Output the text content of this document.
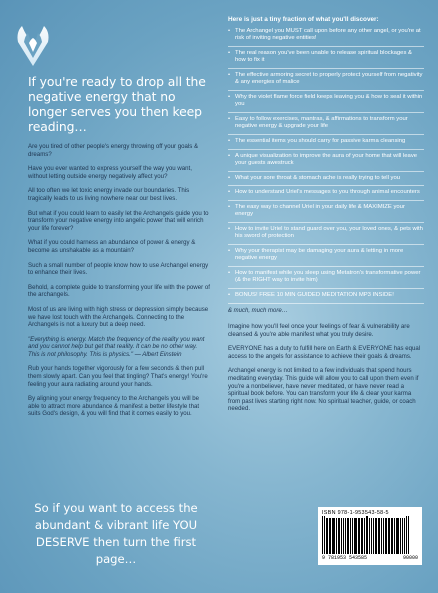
If you're ready to drop all the negative energy that no longer serves you then keep reading…

Are you tired of other people's energy throwing off your goals & dreams?

Have you ever wanted to express yourself the way you want, without letting outside energy negatively affect you?

All too often we let toxic energy invade our boundaries. This tragically leads to us living nowhere near our best lives.

But what if you could learn to easily let the Archangels guide you to transform your negative energy into angelic power that will enrich your life forever?

What if you could harness an abundance of power & energy & become as unshakable as a mountain?

Such a small number of people know how to use Archangel energy to enhance their lives.

Behold, a complete guide to transforming your life with the power of the archangels.

Most of us are living with high stress or depression simply because we have lost touch with the Archangels. Connecting to the Archangels is not a luxury but a deep need.

"Everything is energy. Match the frequency of the reality you want and you cannot help but get that reality. It can be no other way. This is not philosophy. This is physics." — Albert Einstein

Rub your hands together vigorously for a few seconds & then pull them slowly apart. Can you feel that tingling? That's energy! You're feeling your aura radiating around your hands.

By aligning your energy frequency to the Archangels you will be able to attract more abundance & manifest a better lifestyle that suits God's design, & you will find that it comes easily to you.

So if you want to access the abundant & vibrant life YOU DESERVE then turn the first page…

Here is just a tiny fraction of what you'll discover:

• The Archangel you MUST call upon before any other angel, or you're at risk of inviting negative entities!
• The real reason you've been unable to release spiritual blockages & how to fix it
• The effective armoring secret to properly protect yourself from negativity & any energies of malice
• Why the violet flame force field keeps leaving you & how to seal it within you
• Easy to follow exercises, mantras, & affirmations to transform your negative energy & upgrade your life
• The essential items you should carry for passive karma cleansing
• A unique visualization to improve the aura of your home that will leave your guests awestruck
• What your sore throat & stomach ache is really trying to tell you
• How to understand Uriel's messages to you through animal encounters
• The easy way to channel Uriel in your daily life & MAXIMIZE your energy
• How to invite Uriel to stand guard over you, your loved ones, & pets with his sword of protection
• Why your therapist may be damaging your aura & letting in more negative energy
• How to manifest while you sleep using Metatron's transformative power (& the RIGHT way to invite him)
• BONUS! FREE 10 MIN GUIDED MEDITATION MP3 INSIDE!

& much, much more…

Imagine how you'll feel once your feelings of fear & vulnerability are cleansed & you're able manifest what you truly desire.

EVERYONE has a duty to fulfill here on Earth & EVERYONE has equal access to the angels for assistance to achieve their goals & dreams.

Archangel energy is not limited to a few individuals that spend hours meditating everyday. This guide will allow you to call upon them even if you're a nonbeliever, have never meditated, or have never read a spiritual book before. You can transform your life & clear your karma from past lives starting right now. No spiritual teacher, guide, or coach needed.

ISBN 978-1-953543-58-5
9 781953 543585	90000
